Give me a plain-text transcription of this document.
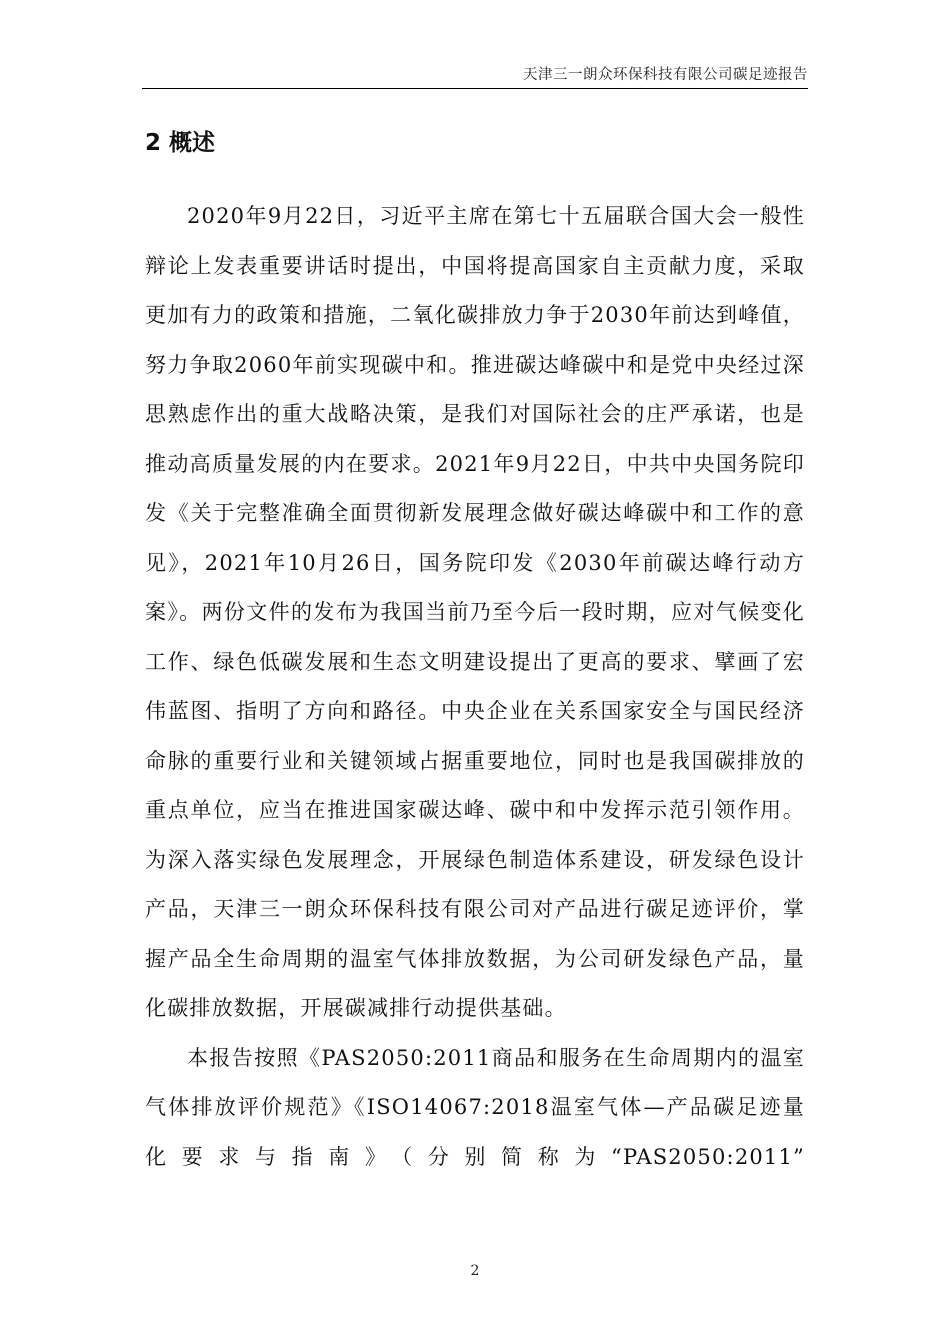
天津三一朗众环保科技有限公司碳足迹报告
2 概述

2020年9月22日，习近平主席在第七十五届联合国大会一般性辩论上发表重要讲话时提出，中国将提高国家自主贡献力度，采取更加有力的政策和措施，二氧化碳排放力争于2030年前达到峰值，努力争取2060年前实现碳中和。推进碳达峰碳中和是党中央经过深思熟虑作出的重大战略决策，是我们对国际社会的庄严承诺，也是推动高质量发展的内在要求。2021年9月22日，中共中央国务院印发《关于完整准确全面贯彻新发展理念做好碳达峰碳中和工作的意见》，2021年10月26日，国务院印发《2030年前碳达峰行动方案》。两份文件的发布为我国当前乃至今后一段时期，应对气候变化工作、绿色低碳发展和生态文明建设提出了更高的要求、擘画了宏伟蓝图、指明了方向和路径。中央企业在关系国家安全与国民经济命脉的重要行业和关键领域占据重要地位，同时也是我国碳排放的重点单位，应当在推进国家碳达峰、碳中和中发挥示范引领作用。为深入落实绿色发展理念，开展绿色制造体系建设，研发绿色设计产品，天津三一朗众环保科技有限公司对产品进行碳足迹评价，掌握产品全生命周期的温室气体排放数据，为公司研发绿色产品，量化碳排放数据，开展碳减排行动提供基础。

本报告按照《PAS2050:2011商品和服务在生命周期内的温室气体排放评价规范》《ISO14067:2018温室气体—产品碳足迹量化要求与指南》（分别简称为“PAS2050:2011”

2
